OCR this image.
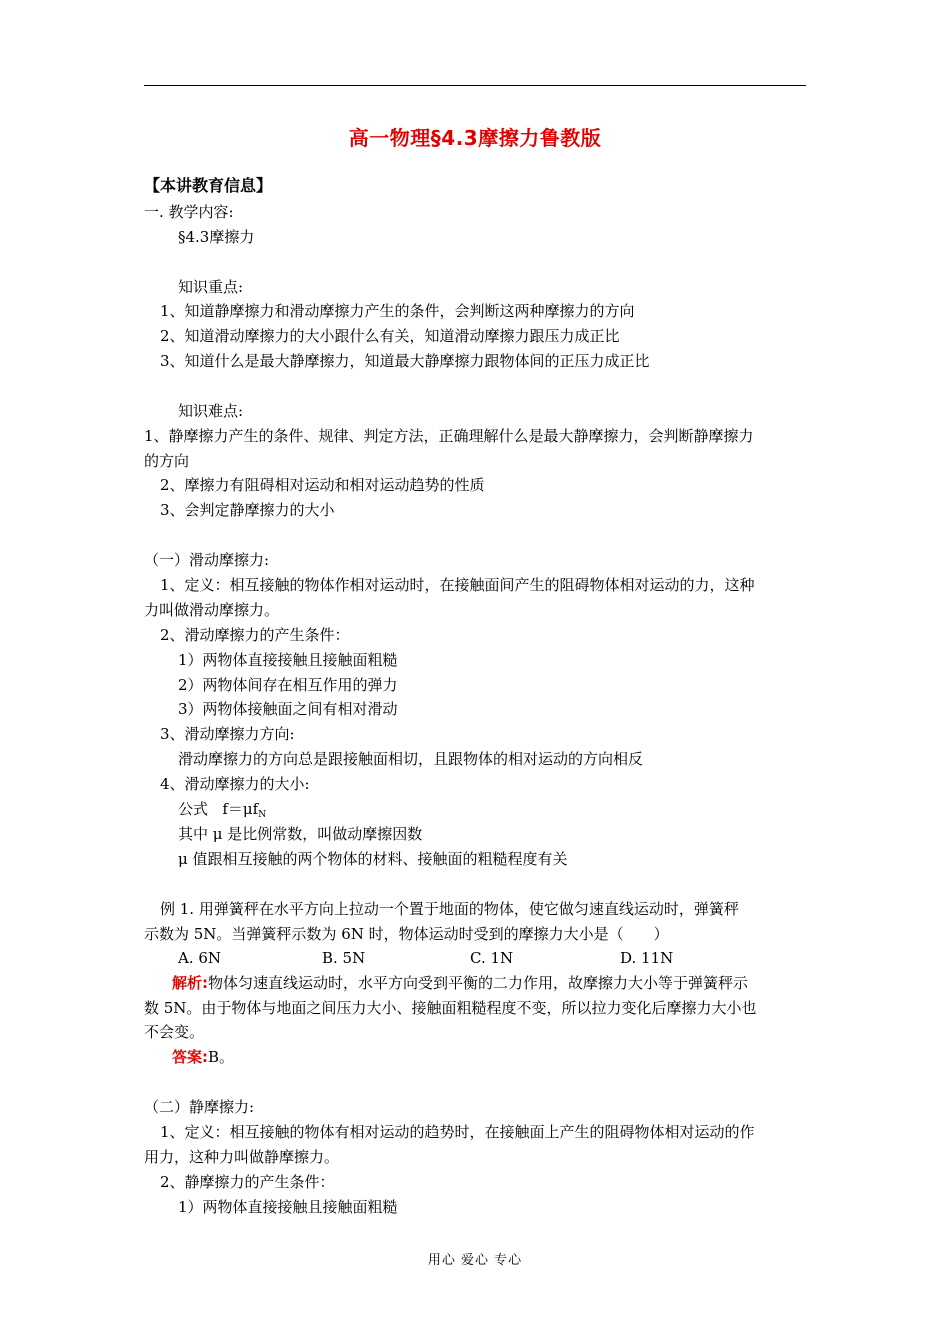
高一物理§4.3摩擦力鲁教版
【本讲教育信息】
一. 教学内容:
§4.3摩擦力
知识重点:
1、知道静摩擦力和滑动摩擦力产生的条件，会判断这两种摩擦力的方向
2、知道滑动摩擦力的大小跟什么有关，知道滑动摩擦力跟压力成正比
3、知道什么是最大静摩擦力，知道最大静摩擦力跟物体间的正压力成正比
知识难点:
1、静摩擦力产生的条件、规律、判定方法，正确理解什么是最大静摩擦力，会判断静摩擦力
的方向
2、摩擦力有阻碍相对运动和相对运动趋势的性质
3、会判定静摩擦力的大小
（一）滑动摩擦力:
1、定义：相互接触的物体作相对运动时，在接触面间产生的阻碍物体相对运动的力，这种
力叫做滑动摩擦力。
2、滑动摩擦力的产生条件：
1）两物体直接接触且接触面粗糙
2）两物体间存在相互作用的弹力
3）两物体接触面之间有相对滑动
3、滑动摩擦力方向:
滑动摩擦力的方向总是跟接触面相切，且跟物体的相对运动的方向相反
4、滑动摩擦力的大小:
公式 $f=\mu f_N$
其中 μ 是比例常数，叫做动摩擦因数
μ 值跟相互接触的两个物体的材料、接触面的粗糙程度有关
例 1. 用弹簧秤在水平方向上拉动一个置于地面的物体，使它做匀速直线运动时，弹簧秤
示数为 5N。当弹簧秤示数为 6N 时，物体运动时受到的摩擦力大小是（　　）
A. 6N	B. 5N	C. 1N	D. 11N
解析:物体匀速直线运动时，水平方向受到平衡的二力作用，故摩擦力大小等于弹簧秤示
数 5N。由于物体与地面之间压力大小、接触面粗糙程度不变，所以拉力变化后摩擦力大小也
不会变。
答案:B。
（二）静摩擦力:
1、定义：相互接触的物体有相对运动的趋势时，在接触面上产生的阻碍物体相对运动的作
用力，这种力叫做静摩擦力。
2、静摩擦力的产生条件：
1）两物体直接接触且接触面粗糙
用心 爱心 专心
